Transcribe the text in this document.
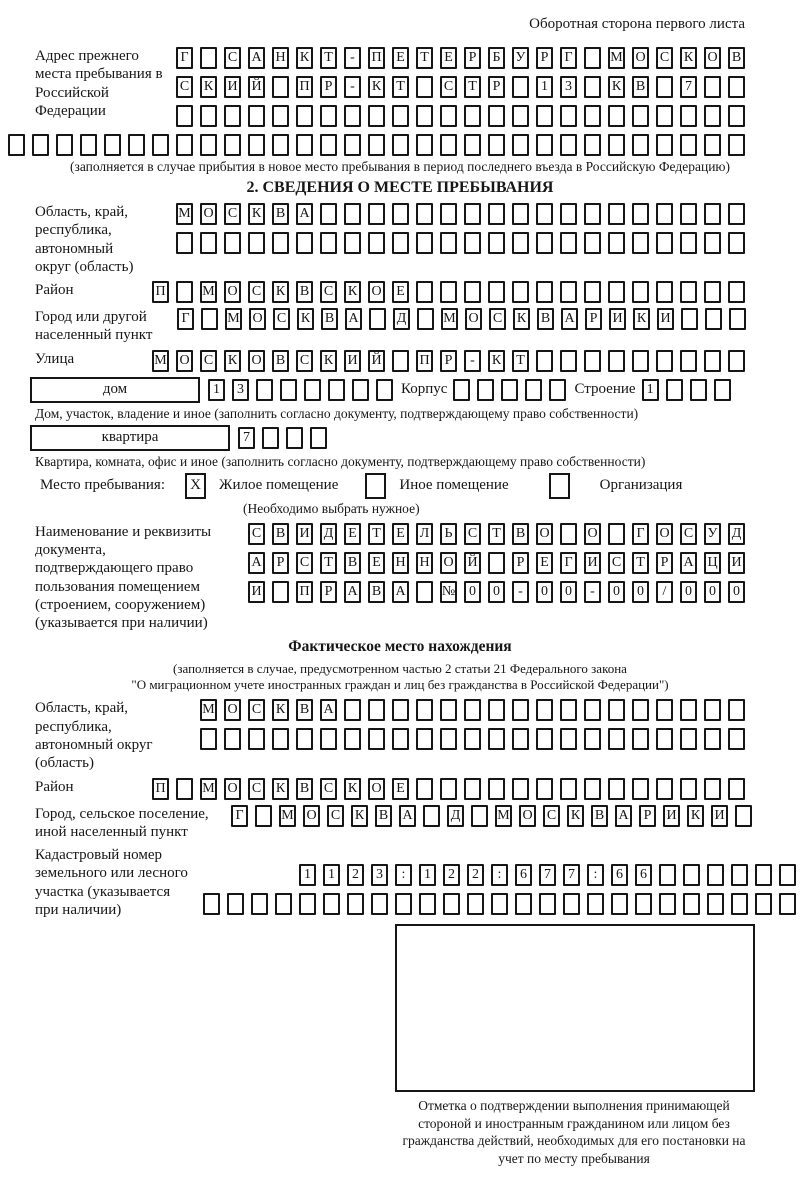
Оборотная сторона первого листа
Адрес прежнего места пребывания в Российской Федерации
Г	С А Н К	Т	-	П	Е	Т	Е	Р	Б	У	Р	Г	М О С К О В
С К И Й	П	Р	-	К	Т	С	Т	Р	1	3	К В	7
(заполняется в случае прибытия в новое место пребывания в период последнего въезда в Российскую Федерацию)
2. СВЕДЕНИЯ О МЕСТЕ ПРЕБЫВАНИЯ
Область, край, республика, автономный округ (область)
М О С К В А
Район	П	М О С К В С К О	Е
Город или другой населенный пункт
Г	М О С К В А	Д	М О С К В А	Р	И К И
Улица	М О С К О В С К И Й	П	Р	-	К	Т
дом	1	3	Корпус	Строение 1
Дом, участок, владение и иное (заполнить согласно документу, подтверждающему право собственности)
квартира	7
Квартира, комната, офис и иное (заполнить согласно документу, подтверждающему право собственности)
Место пребывания:	X	Жилое помещение	Иное помещение	Организация
(Необходимо выбрать нужное)
Наименование и реквизиты документа, подтверждающего право пользования помещением (строением, сооружением) (указывается при наличии)
С В И Д	Е	Т	Е	Л	Ь	С	Т	В О	О	Г	О С У Д
А	Р	С	Т	В	Е	Н Н О Й	Р	Е	Г	И С	Т	Р	А Ц И
И	П	Р	А В А	№ 0	0	-	0	0	-	0	0	/	0	0	0
Фактическое место нахождения
(заполняется в случае, предусмотренном частью 2 статьи 21 Федерального закона
"О миграционном учете иностранных граждан и лиц без гражданства в Российской Федерации")
Область, край, республика, автономный округ (область)
М О С К В А
Район	П	М О С К В С К О	Е
Город, сельское поселение, иной населенный пункт
Г	М О С К В А	Д	М О С К В А	Р	И К И
Кадастровый номер земельного или лесного участка (указывается при наличии)
1	1	2	3	:	1	2	2	:	6	7	7	:	6	6
Отметка о подтверждении выполнения принимающей стороной и иностранным гражданином или лицом без гражданства действий, необходимых для его постановки на учет по месту пребывания
